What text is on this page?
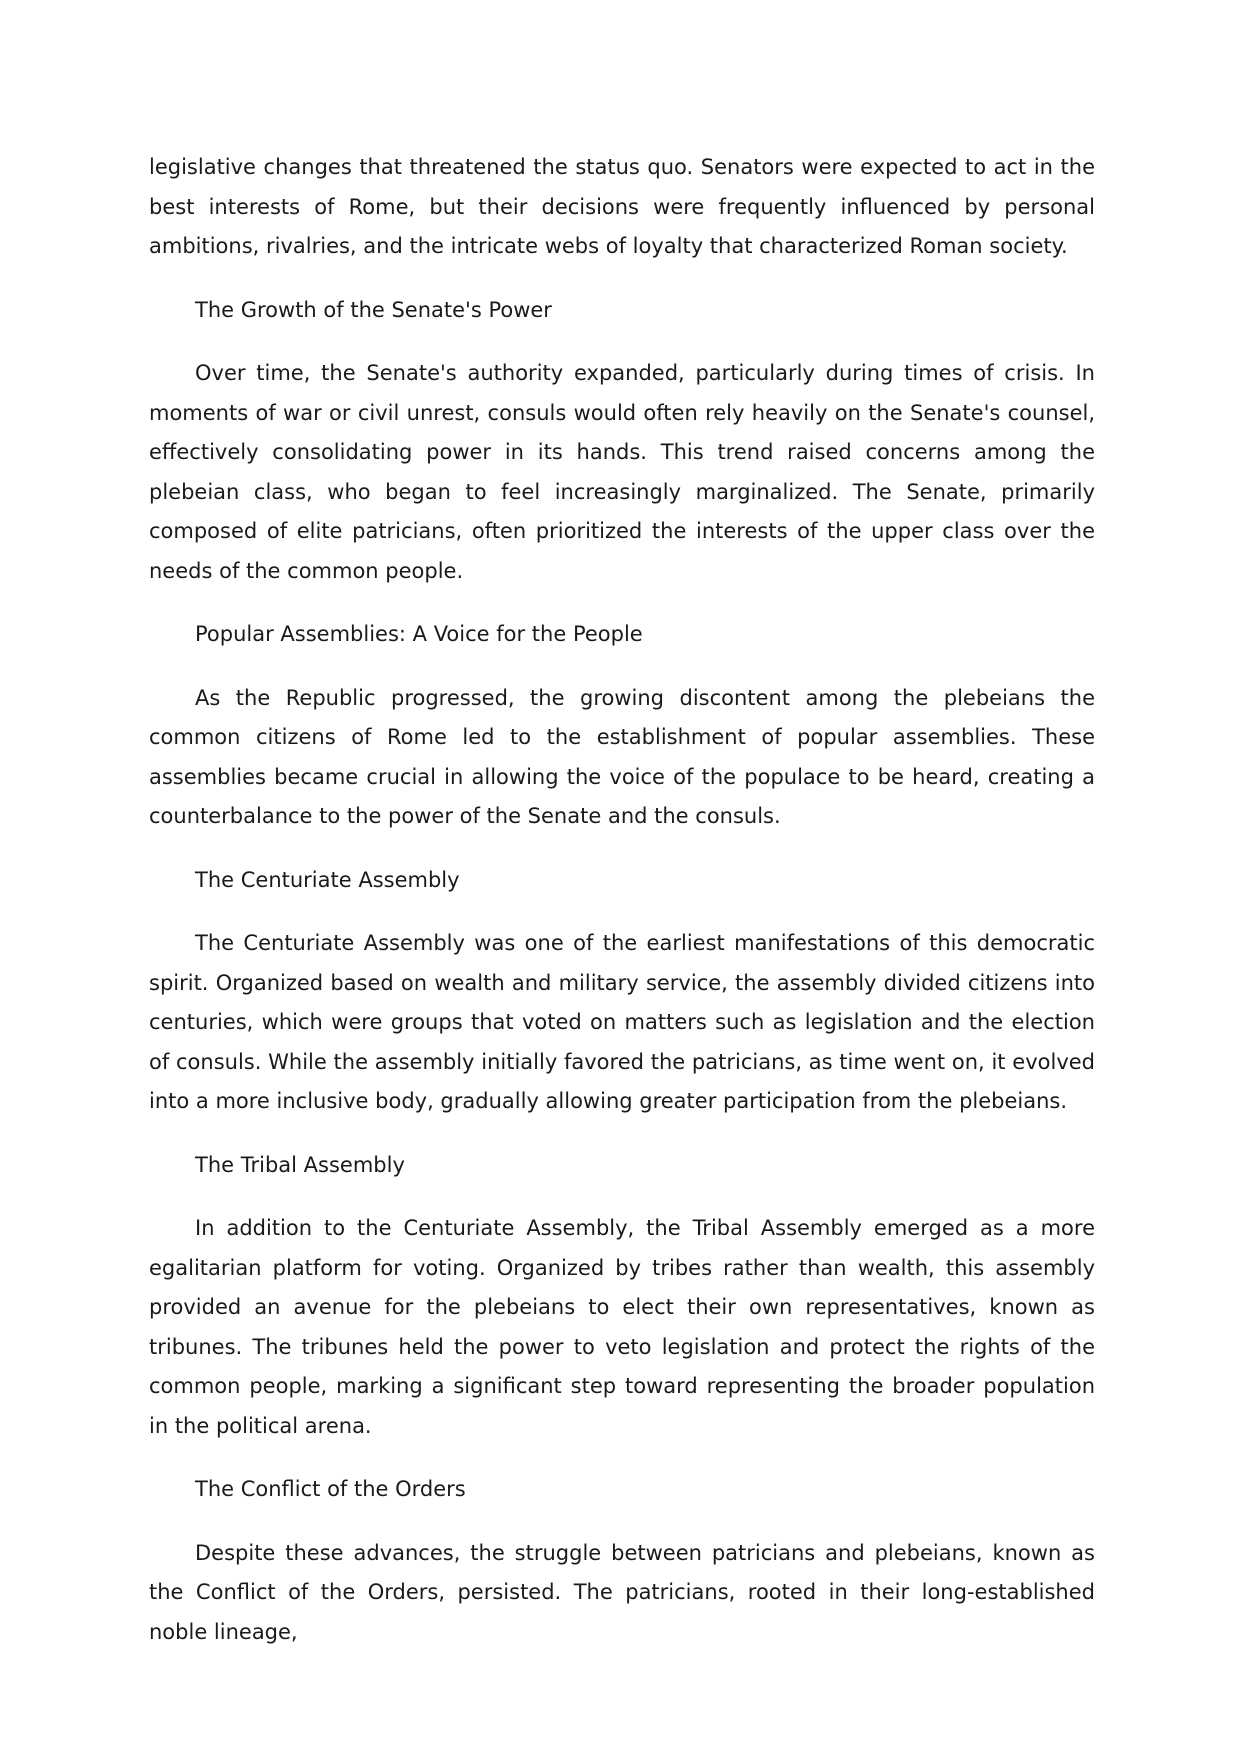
legislative changes that threatened the status quo. Senators were expected to act in the best interests of Rome, but their decisions were frequently influenced by personal ambitions, rivalries, and the intricate webs of loyalty that characterized Roman society.

The Growth of the Senate's Power

Over time, the Senate's authority expanded, particularly during times of crisis. In moments of war or civil unrest, consuls would often rely heavily on the Senate's counsel, effectively consolidating power in its hands. This trend raised concerns among the plebeian class, who began to feel increasingly marginalized. The Senate, primarily composed of elite patricians, often prioritized the interests of the upper class over the needs of the common people.

Popular Assemblies: A Voice for the People

As the Republic progressed, the growing discontent among the plebeians the common citizens of Rome led to the establishment of popular assemblies. These assemblies became crucial in allowing the voice of the populace to be heard, creating a counterbalance to the power of the Senate and the consuls.

The Centuriate Assembly

The Centuriate Assembly was one of the earliest manifestations of this democratic spirit. Organized based on wealth and military service, the assembly divided citizens into centuries, which were groups that voted on matters such as legislation and the election of consuls. While the assembly initially favored the patricians, as time went on, it evolved into a more inclusive body, gradually allowing greater participation from the plebeians.

The Tribal Assembly

In addition to the Centuriate Assembly, the Tribal Assembly emerged as a more egalitarian platform for voting. Organized by tribes rather than wealth, this assembly provided an avenue for the plebeians to elect their own representatives, known as tribunes. The tribunes held the power to veto legislation and protect the rights of the common people, marking a significant step toward representing the broader population in the political arena.

The Conflict of the Orders

Despite these advances, the struggle between patricians and plebeians, known as the Conflict of the Orders, persisted. The patricians, rooted in their long-established noble lineage,
